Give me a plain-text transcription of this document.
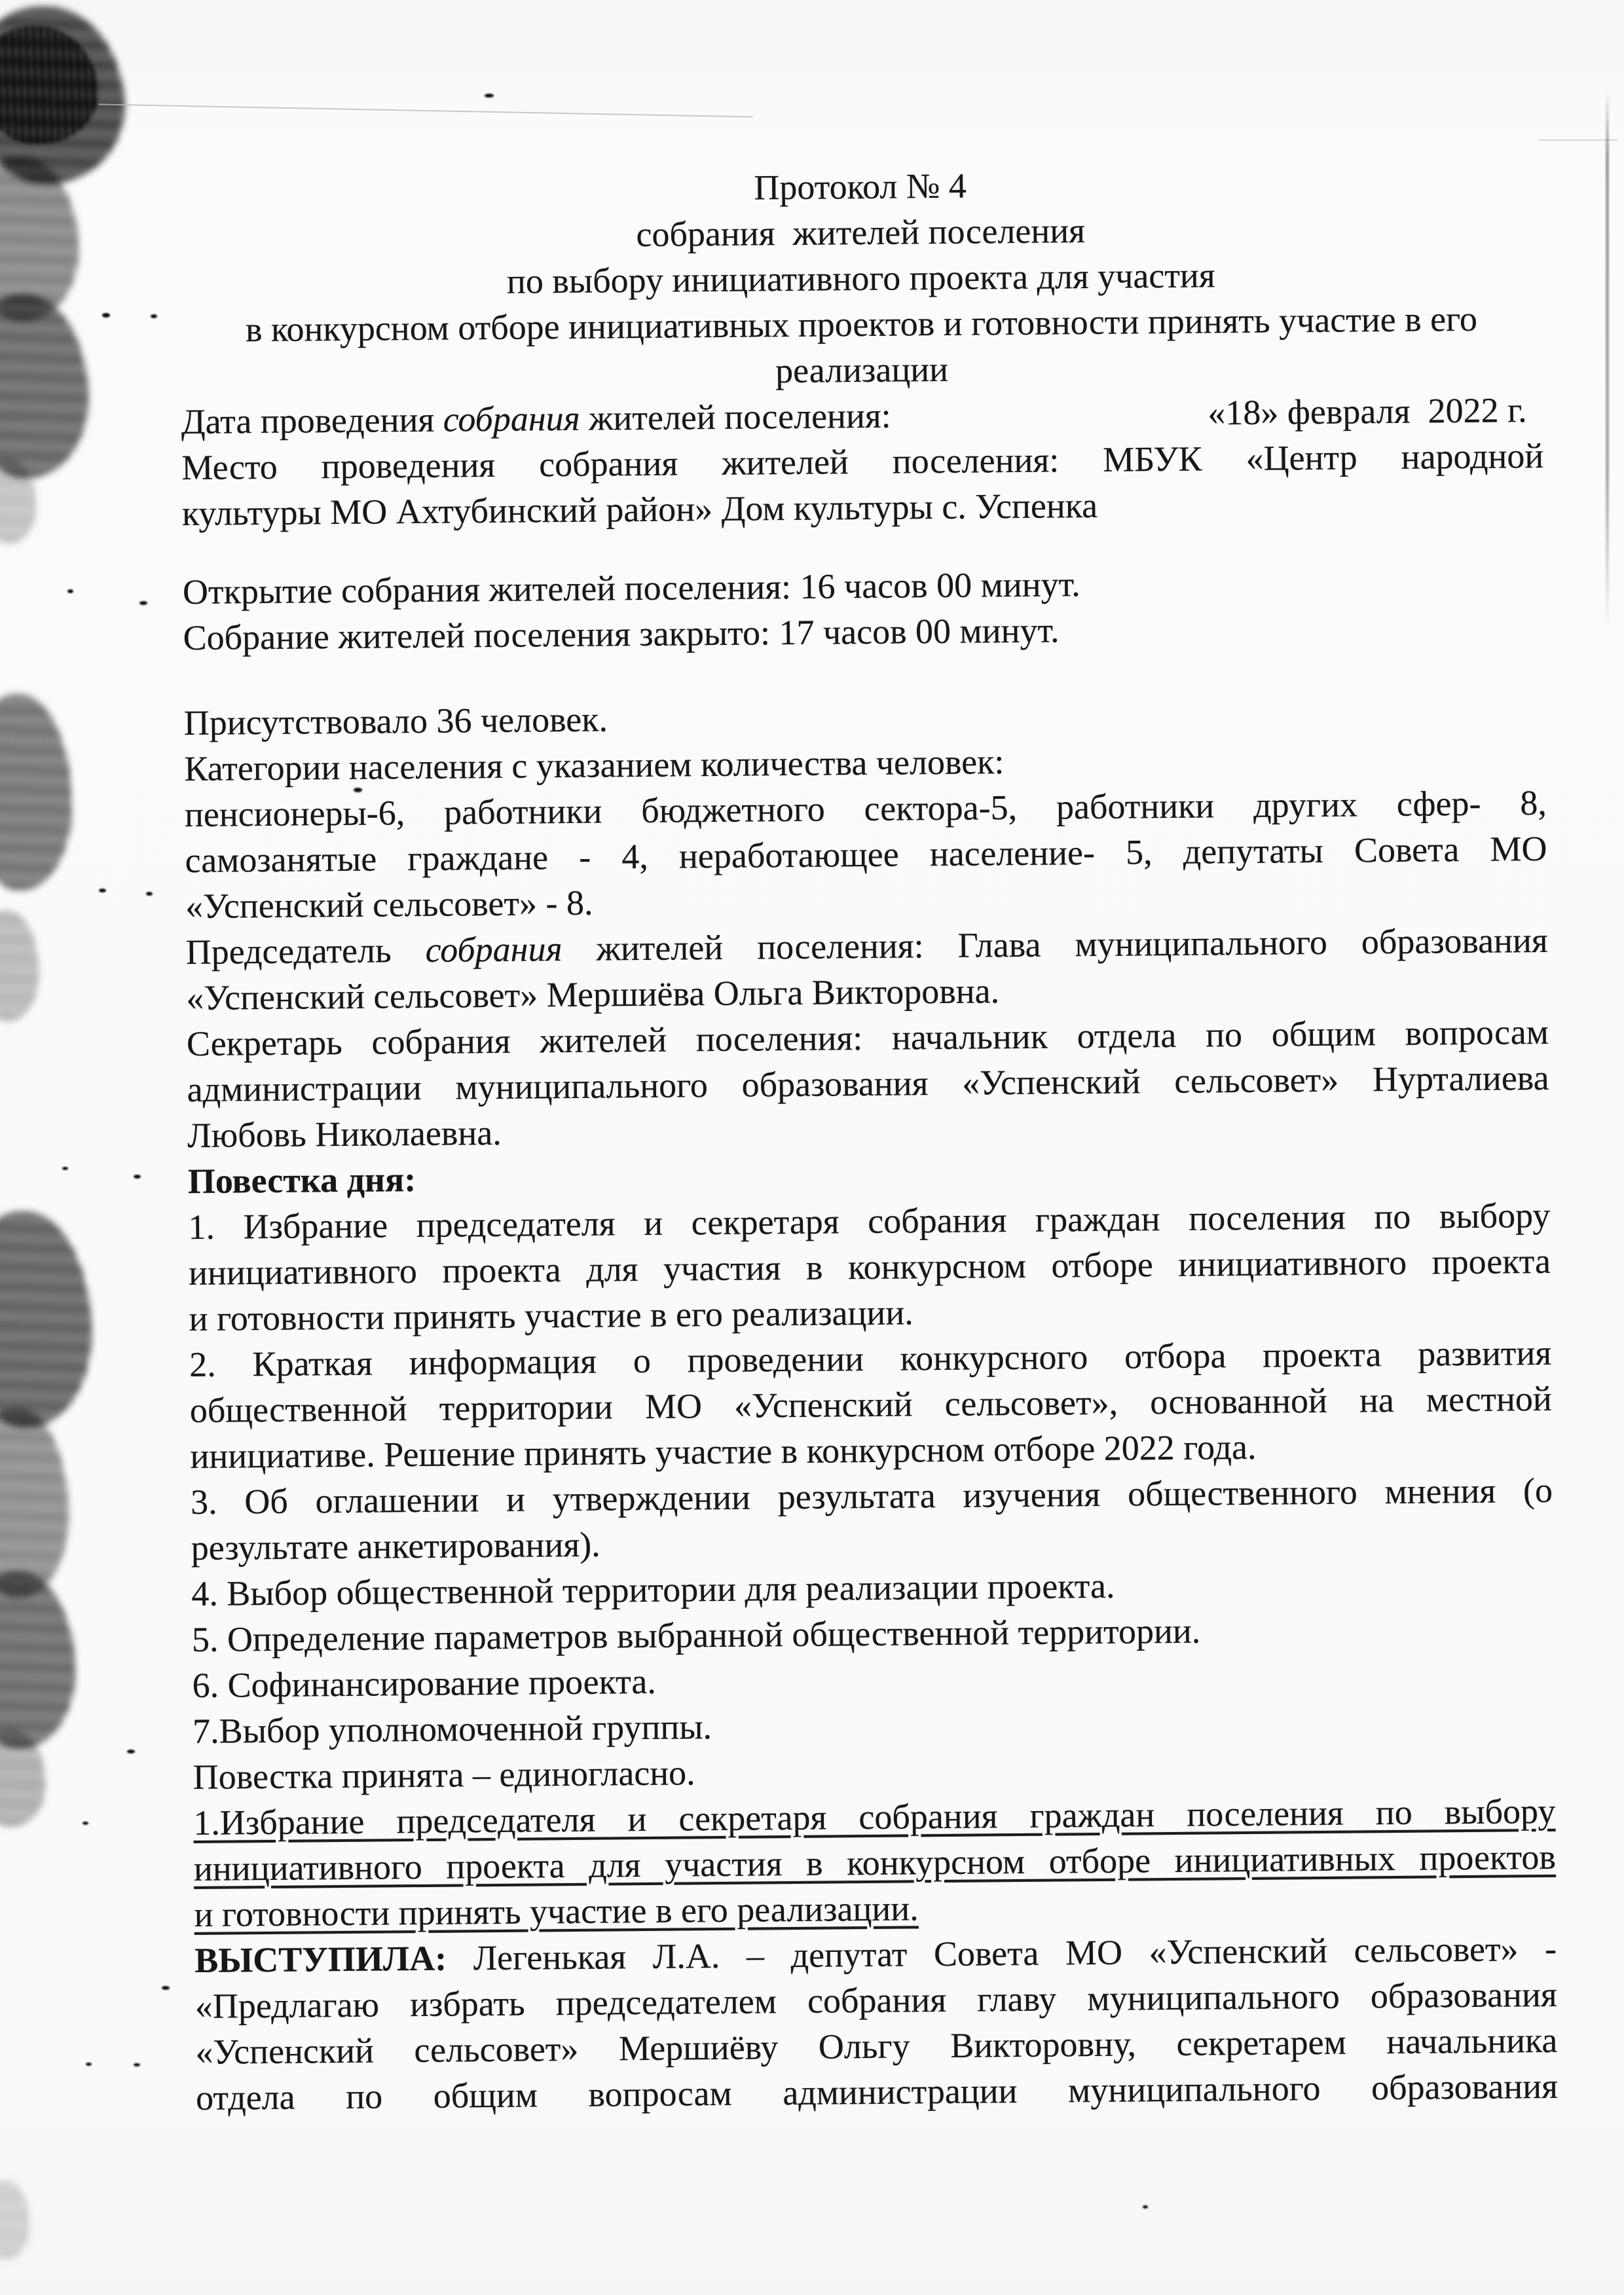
Протокол № 4
собрания  жителей поселения
по выбору инициативного проекта для участия
в конкурсном отборе инициативных проектов и готовности принять участие в его
реализации
Дата проведения собрания жителей поселения:	«18» февраля  2022 г.
Место проведения собрания жителей поселения: МБУК «Центр народной
культуры МО Ахтубинский район» Дом культуры с. Успенка
Открытие собрания жителей поселения: 16 часов 00 минут.
Собрание жителей поселения закрыто: 17 часов 00 минут.
Присутствовало 36 человек.
Категории населения с указанием количества человек:
пенсионеры-6, работники бюджетного сектора-5, работники других сфер- 8,
самозанятые граждане - 4, неработающее население- 5, депутаты Совета МО
«Успенский сельсовет» - 8.
Председатель собрания жителей поселения: Глава муниципального образования
«Успенский сельсовет» Мершиёва Ольга Викторовна.
Секретарь собрания жителей поселения: начальник отдела по общим вопросам
администрации муниципального образования «Успенский сельсовет» Нурталиева
Любовь Николаевна.
Повестка дня:
1. Избрание председателя и секретаря собрания граждан поселения по выбору
инициативного проекта для участия в конкурсном отборе инициативного проекта
и готовности принять участие в его реализации.
2. Краткая информация о проведении конкурсного отбора проекта развития
общественной территории МО «Успенский сельсовет», основанной на местной
инициативе. Решение принять участие в конкурсном отборе 2022 года.
3. Об оглашении и утверждении результата изучения общественного мнения (о
результате анкетирования).
4. Выбор общественной территории для реализации проекта.
5. Определение параметров выбранной общественной территории.
6. Софинансирование проекта.
7.Выбор уполномоченной группы.
Повестка принята – единогласно.
1.Избрание председателя и секретаря собрания граждан поселения по выбору
инициативного проекта для участия в конкурсном отборе инициативных проектов
и готовности принять участие в его реализации.
ВЫСТУПИЛА: Легенькая Л.А. – депутат Совета МО «Успенский сельсовет» -
«Предлагаю избрать председателем собрания главу муниципального образования
«Успенский сельсовет» Мершиёву Ольгу Викторовну, секретарем начальника
отдела по общим вопросам администрации муниципального образования
